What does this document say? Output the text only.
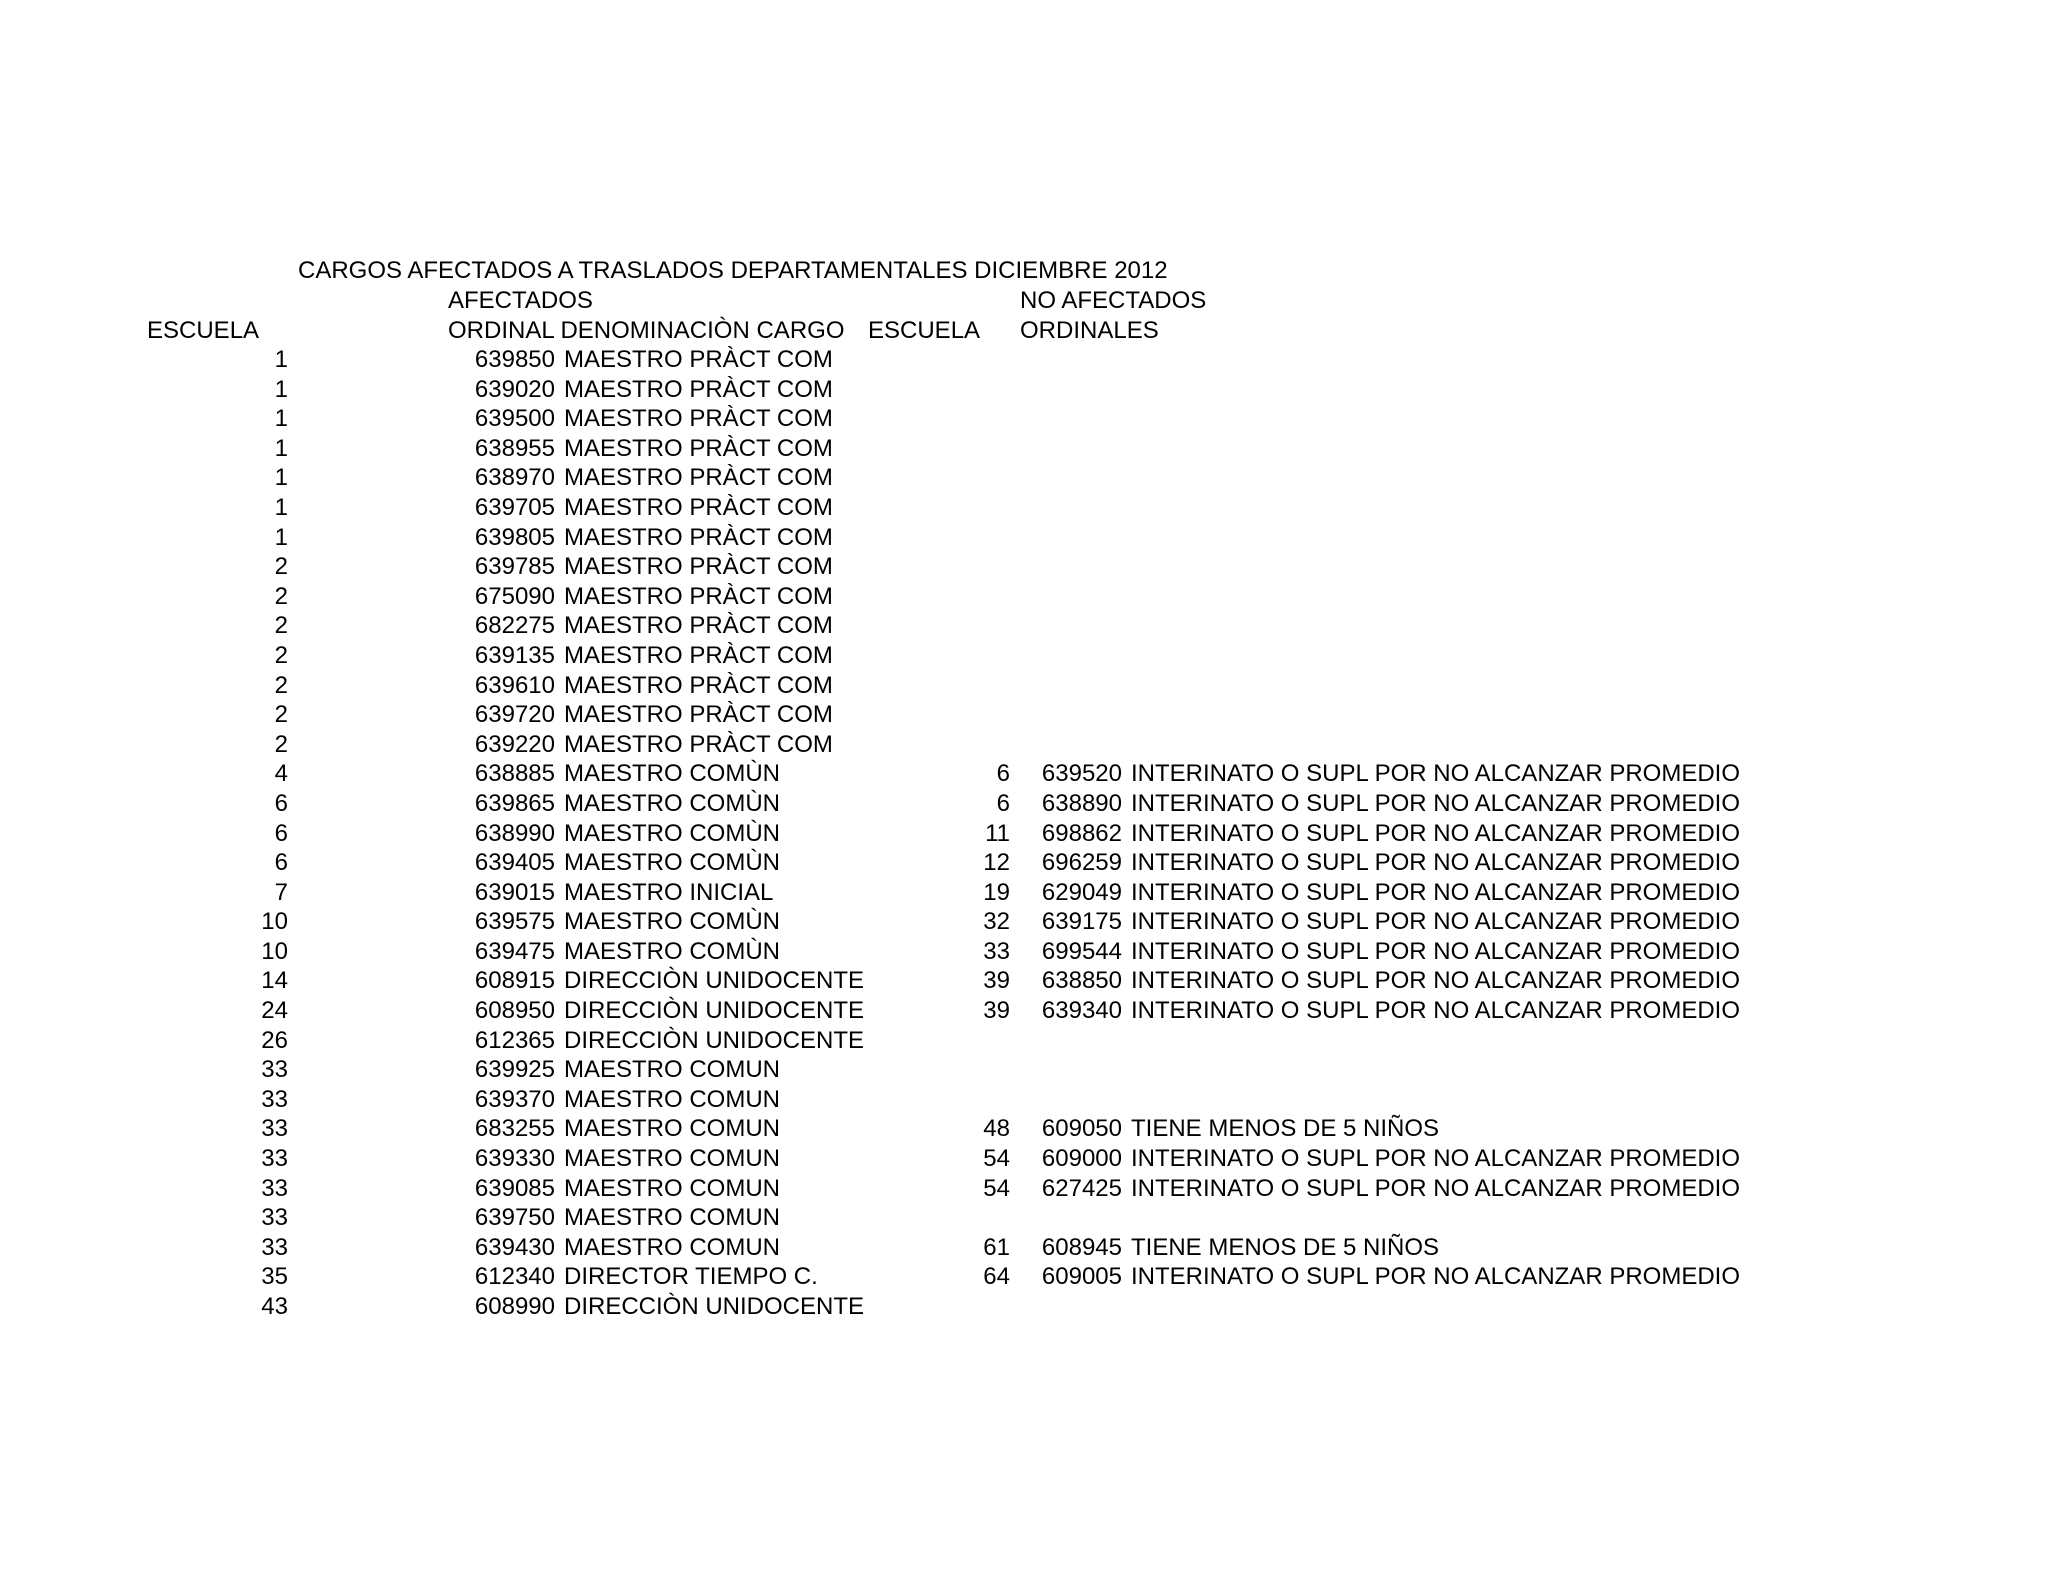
CARGOS AFECTADOS A TRASLADOS DEPARTAMENTALES DICIEMBRE 2012
AFECTADOS	NO AFECTADOS
ESCUELA	ORDINAL DENOMINACIÒN CARGO ESCUELA ORDINALES
1	639850 MAESTRO PRÀCT COM
1	639020 MAESTRO PRÀCT COM
1	639500 MAESTRO PRÀCT COM
1	638955 MAESTRO PRÀCT COM
1	638970 MAESTRO PRÀCT COM
1	639705 MAESTRO PRÀCT COM
1	639805 MAESTRO PRÀCT COM
2	639785 MAESTRO PRÀCT COM
2	675090 MAESTRO PRÀCT COM
2	682275 MAESTRO PRÀCT COM
2	639135 MAESTRO PRÀCT COM
2	639610 MAESTRO PRÀCT COM
2	639720 MAESTRO PRÀCT COM
2	639220 MAESTRO PRÀCT COM
4	638885 MAESTRO COMÙN	6 639520 INTERINATO O SUPL POR NO ALCANZAR PROMEDIO
6	639865 MAESTRO COMÙN	6 638890 INTERINATO O SUPL POR NO ALCANZAR PROMEDIO
6	638990 MAESTRO COMÙN	11 698862 INTERINATO O SUPL POR NO ALCANZAR PROMEDIO
6	639405 MAESTRO COMÙN	12 696259 INTERINATO O SUPL POR NO ALCANZAR PROMEDIO
7	639015 MAESTRO INICIAL	19 629049 INTERINATO O SUPL POR NO ALCANZAR PROMEDIO
10	639575 MAESTRO COMÙN	32 639175 INTERINATO O SUPL POR NO ALCANZAR PROMEDIO
10	639475 MAESTRO COMÙN	33 699544 INTERINATO O SUPL POR NO ALCANZAR PROMEDIO
14	608915 DIRECCIÒN UNIDOCENTE	39 638850 INTERINATO O SUPL POR NO ALCANZAR PROMEDIO
24	608950 DIRECCIÒN UNIDOCENTE	39 639340 INTERINATO O SUPL POR NO ALCANZAR PROMEDIO
26	612365 DIRECCIÒN UNIDOCENTE
33	639925 MAESTRO COMUN
33	639370 MAESTRO COMUN
33	683255 MAESTRO COMUN	48 609050 TIENE MENOS DE 5 NIÑOS
33	639330 MAESTRO COMUN	54 609000 INTERINATO O SUPL POR NO ALCANZAR PROMEDIO
33	639085 MAESTRO COMUN	54 627425 INTERINATO O SUPL POR NO ALCANZAR PROMEDIO
33	639750 MAESTRO COMUN
33	639430 MAESTRO COMUN	61 608945 TIENE MENOS DE 5 NIÑOS
35	612340 DIRECTOR TIEMPO C.	64 609005 INTERINATO O SUPL POR NO ALCANZAR PROMEDIO
43	608990 DIRECCIÒN UNIDOCENTE
